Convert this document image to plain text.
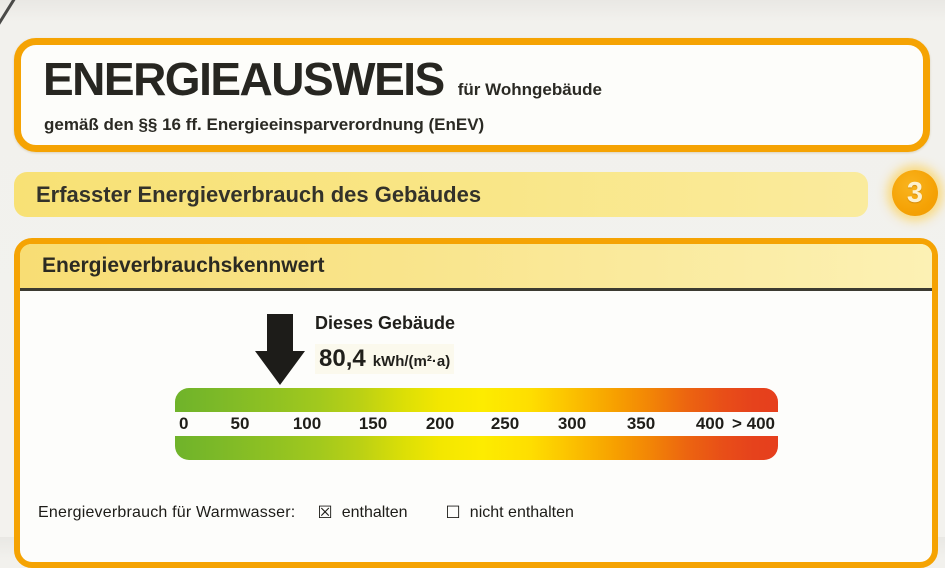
ENERGIEAUSWEIS für Wohngebäude
gemäß den §§ 16 ff. Energieeinsparverordnung (EnEV)
Erfasster Energieverbrauch des Gebäudes	3
Energieverbrauchskennwert
Dieses Gebäude
80,4 kWh/(m²·a)
0 50	100 150 200 250 300 350 400 > 400
Energieverbrauch für Warmwasser: ☒ enthalten ☐ nicht enthalten
